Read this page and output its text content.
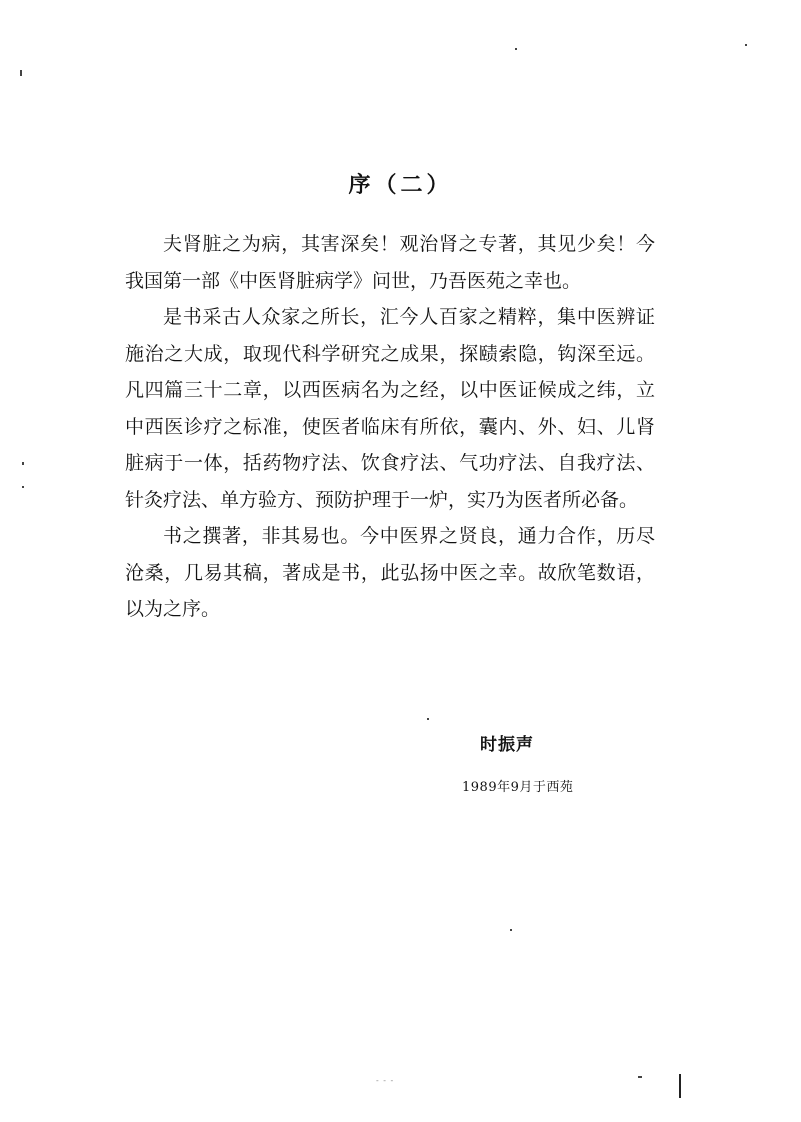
序（二）

夫肾脏之为病，其害深矣！观治肾之专著，其见少矣！今我国第一部《中医肾脏病学》问世，乃吾医苑之幸也。

是书采古人众家之所长，汇今人百家之精粹，集中医辨证施治之大成，取现代科学研究之成果，探赜索隐，钩深至远。凡四篇三十二章，以西医病名为之经，以中医证候成之纬，立中西医诊疗之标准，使医者临床有所依，囊内、外、妇、儿肾脏病于一体，括药物疗法、饮食疗法、气功疗法、自我疗法、针灸疗法、单方验方、预防护理于一炉，实乃为医者所必备。

书之撰著，非其易也。今中医界之贤良，通力合作，历尽沧桑，几易其稿，著成是书，此弘扬中医之幸。故欣笔数语，以为之序。

时振声
1989年9月于西苑
- - -
